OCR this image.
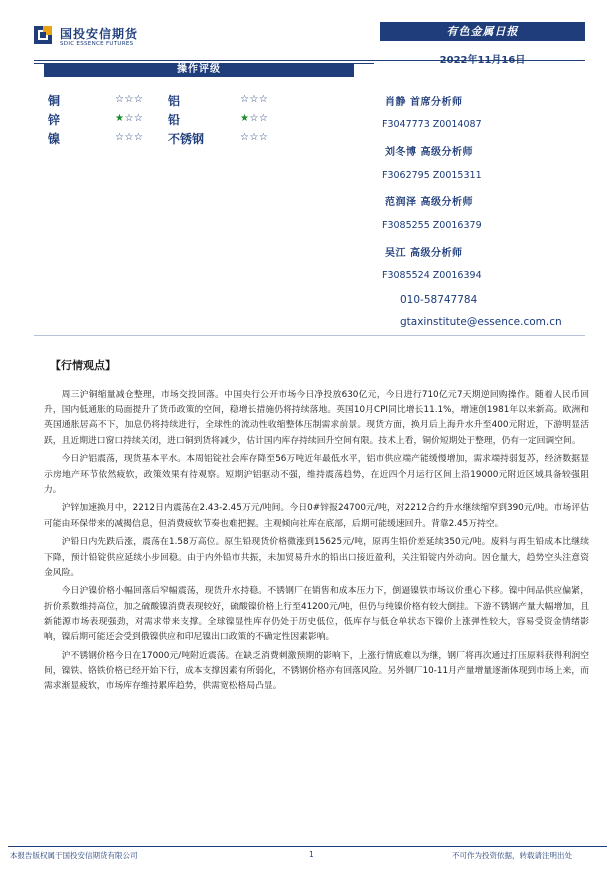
国投安信期货
SDIC ESSENCE FUTURES
有色金属日报
2022年11月16日
操作评级
铜	☆☆☆ 铝	☆☆☆
锌	★☆☆ 铅	★☆☆
镍	☆☆☆ 不锈钢	☆☆☆
肖静 首席分析师
F3047773 Z0014087
刘冬博 高级分析师
F3062795 Z0015311
范润泽 高级分析师
F3085255 Z0016379
吴江 高级分析师
F3085524 Z0016394
010-58747784
gtaxinstitute@essence.com.cn
【行情观点】

周三沪铜缩量减仓整理，市场交投回落。中国央行公开市场今日净投放630亿元，今日进行710亿元7天期逆回购操作。随着人民币回升，国内低通胀的局面提升了货币政策的空间，稳增长措施仍将持续落地。英国10月CPI同比增长11.1%，增速创1981年以来新高。欧洲和英国通胀居高不下，加息仍将持续进行，全球性的流动性收缩整体压制需求前景。现货方面，换月后上海升水升至400元附近，下游明显活跃，且近期进口窗口持续关闭，进口铜到货将减少，估计国内库存持续回升空间有限。技术上看，铜价短期处于整理，仍有一定回调空间。

今日沪铝震荡，现货基本平水。本周铝锭社会库存降至56万吨近年最低水平，铝市供应端产能缓慢增加，需求端持弱复苏，经济数据显示房地产环节依然疲软，政策效果有待观察。短期沪铝驱动不强，维持震荡趋势，在近四个月运行区间上沿19000元附近区域具备较强阻力。

沪锌加速换月中，2212日内震荡在2.43-2.45万元/吨间。今日0#锌报24700元/吨，对2212合约升水继续缩窄到390元/吨。市场评估可能由环保带来的减揭信息，但消费疲软节奏也难把握。主观倾向社库在底部，后期可能缓速回升。背靠2.45万持空。

沪铅日内先跌后涨，震荡在1.58万高位。原生铅现货价格微涨到15625元/吨，原再生铅价差延续350元/吨。废料与再生铅成本比继续下降，预计铅锭供应延续小步回稳。由于内外铅市共振，未加贸易升水的铅出口接近盈利，关注铅锭内外动向。因仓量大，趋势空头注意资金风险。

今日沪镍价格小幅回落后窄幅震荡，现货升水持稳。不锈钢厂在销售和成本压力下，倒逼镍铁市场议价重心下移。镍中间品供应偏紧，折价系数维持高位，加之硫酸镍消费表现较好，硫酸镍价格上行至41200元/吨，但仍与纯镍价格有较大倒挂。下游不锈钢产量大幅增加，且新能源市场表现强劲，对需求带来支撑。全球镍显性库存仍处于历史低位，低库存与低仓单状态下镍价上涨弹性较大，容易受资金情绪影响，镍后期可能还会受到俄镍供应和印尼镍出口政策的不确定性因素影响。

沪不锈钢价格今日在17000元/吨附近震荡。在缺乏消费刺激预期的影响下，上涨行情底难以为继，钢厂将再次通过打压原料获得利润空间，镍铁、铬铁价格已经开始下行，成本支撑因素有所弱化，不锈钢价格亦有回落风险。另外钢厂10-11月产量增量逐渐体现到市场上来，而需求渐显疲软，市场库存维持累库趋势，供需宽松格局凸显。

本报告版权属于国投安信期货有限公司	1	不可作为投资依据，转载请注明出处
